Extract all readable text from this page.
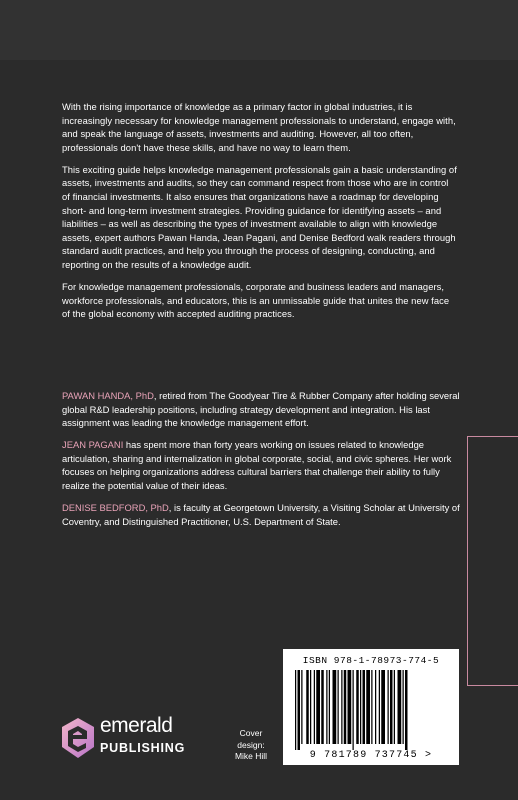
With the rising importance of knowledge as a primary factor in global industries, it is increasingly necessary for knowledge management professionals to understand, engage with, and speak the language of assets, investments and auditing. However, all too often, professionals don't have these skills, and have no way to learn them.

This exciting guide helps knowledge management professionals gain a basic understanding of assets, investments and audits, so they can command respect from those who are in control of financial investments. It also ensures that organizations have a roadmap for developing short- and long-term investment strategies. Providing guidance for identifying assets – and liabilities – as well as describing the types of investment available to align with knowledge assets, expert authors Pawan Handa, Jean Pagani, and Denise Bedford walk readers through standard audit practices, and help you through the process of designing, conducting, and reporting on the results of a knowledge audit.

For knowledge management professionals, corporate and business leaders and managers, workforce professionals, and educators, this is an unmissable guide that unites the new face of the global economy with accepted auditing practices.

PAWAN HANDA, PhD, retired from The Goodyear Tire & Rubber Company after holding several global R&D leadership positions, including strategy development and integration. His last assignment was leading the knowledge management effort.

JEAN PAGANI has spent more than forty years working on issues related to knowledge articulation, sharing and internalization in global corporate, social, and civic spheres. Her work focuses on helping organizations address cultural barriers that challenge their ability to fully realize the potential value of their ideas.

DENISE BEDFORD, PhD, is faculty at Georgetown University, a Visiting Scholar at University of Coventry, and Distinguished Practitioner, U.S. Department of State.

ISBN 978-1-78973-774-5
9 781789 737745 >
emerald
PUBLISHING
Cover
design:
Mike Hill
